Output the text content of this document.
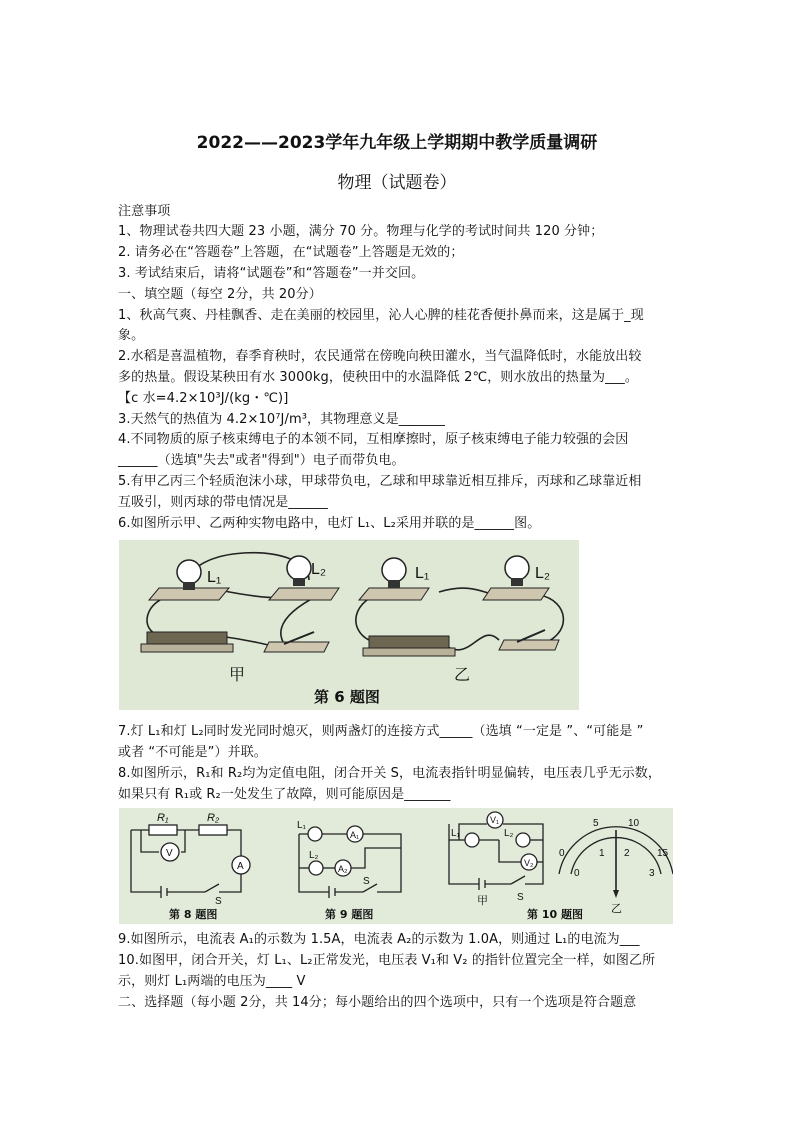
2022——2023学年九年级上学期期中教学质量调研
物理（试题卷）
注意事项
1、物理试卷共四大题 23 小题，满分 70 分。物理与化学的考试时间共 120 分钟；
2. 请务必在“答题卷”上答题，在“试题卷”上答题是无效的；
3. 考试结束后，请将“试题卷”和“答题卷”一并交回。
一、填空题（每空 2分，共 20分）
1、秋高气爽、丹桂飘香、走在美丽的校园里，沁人心脾的桂花香便扑鼻而来，这是属于_现
象。
2.水稻是喜温植物，春季育秧时，农民通常在傍晚向秧田灌水，当气温降低时，水能放出较
多的热量。假设某秧田有水 3000kg，使秧田中的水温降低 2℃，则水放出的热量为___。
【c 水=4.2×10³J/(kg・℃)]
3.天然气的热值为 4.2×10⁷J/m³，其物理意义是_______
4.不同物质的原子核束缚电子的本领不同，互相摩擦时，原子核束缚电子能力较强的会因
______（选填"失去"或者"得到"）电子而带负电。
5.有甲乙丙三个轻质泡沫小球，甲球带负电，乙球和甲球靠近相互排斥，丙球和乙球靠近相
互吸引，则丙球的带电情况是______
6.如图所示甲、乙两种实物电路中，电灯 L₁、L₂采用并联的是______图。
L₁	L₂
甲
L₁	L₂
乙
第 6 题图
7.灯 L₁和灯 L₂同时发光同时熄灭，则两盏灯的连接方式_____（选填 “一定是 ”、“可能是 ”
或者 “不可能是”）并联。
8.如图所示，R₁和 R₂均为定值电阻，闭合开关 S，电流表指针明显偏转，电压表几乎无示数，
如果只有 R₁或 R₂一处发生了故障，则可能原因是_______
R₁	R₂
V
A
S
第 8 题图
L₁
A₁
L₂
A₂
S
第 9 题图
L₁
V₁
L₂
V₂
S
甲
0
5	10
15
0
1 2
3
乙
第 10 题图
9.如图所示，电流表 A₁的示数为 1.5A，电流表 A₂的示数为 1.0A，则通过 L₁的电流为___
10.如图甲，闭合开关，灯 L₁、L₂正常发光，电压表 V₁和 V₂ 的指针位置完全一样，如图乙所
示，则灯 L₁两端的电压为____ V
二、选择题（每小题 2分，共 14分；每小题给出的四个选项中，只有一个选项是符合题意
